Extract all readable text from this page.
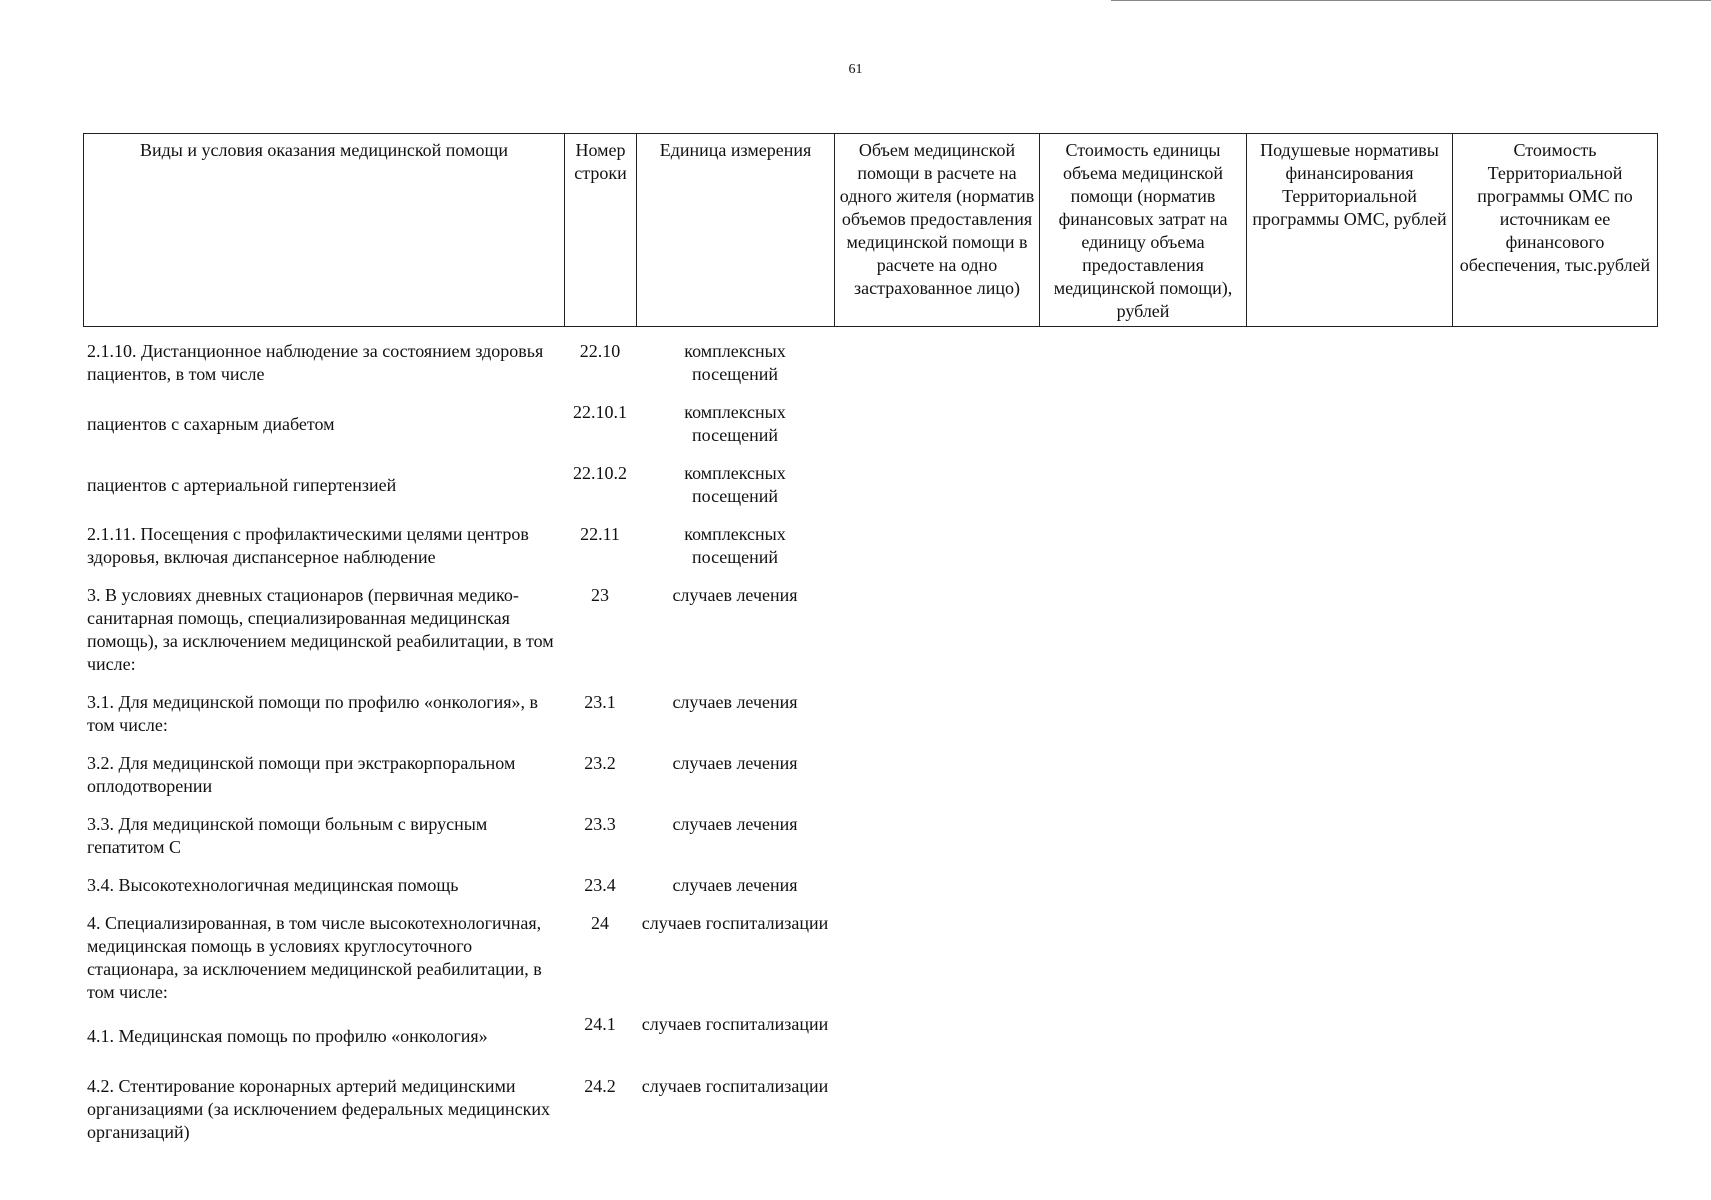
61
Виды и условия оказания медицинской помощи	Номер строки	Единица измерения	Объем медицинской помощи в расчете на одного жителя (норматив объемов предоставления медицинской помощи в расчете на одно застрахованное лицо)	Стоимость единицы объема медицинской помощи (норматив финансовых затрат на единицу объема предоставления медицинской помощи), рублей	Подушевые нормативы финансирования Территориальной программы ОМС, рублей	Стоимость Территориальной программы ОМС по источникам ее финансового обеспечения, тыс.рублей
2.1.10. Дистанционное наблюдение за состоянием здоровья пациентов, в том числе	22.10	комплексных посещений
пациентов с сахарным диабетом	22.10.1	комплексных посещений
пациентов с артериальной гипертензией	22.10.2	комплексных посещений
2.1.11. Посещения с профилактическими целями центров здоровья, включая диспансерное наблюдение	22.11	комплексных посещений
3. В условиях дневных стационаров (первичная медико-санитарная помощь, специализированная медицинская помощь), за исключением медицинской реабилитации, в том числе:	23	случаев лечения
3.1. Для медицинской помощи по профилю «онкология», в том числе:	23.1	случаев лечения
3.2. Для медицинской помощи при экстракорпоральном оплодотворении	23.2	случаев лечения
3.3. Для медицинской помощи больным с вирусным гепатитом С	23.3	случаев лечения
3.4. Высокотехнологичная медицинская помощь	23.4	случаев лечения
4. Специализированная, в том числе высокотехнологичная, медицинская помощь в условиях круглосуточного стационара, за исключением медицинской реабилитации, в том числе:	24	случаев госпитализации
4.1. Медицинская помощь по профилю «онкология»	24.1	случаев госпитализации
4.2. Стентирование коронарных артерий медицинскими организациями (за исключением федеральных медицинских организаций)	24.2	случаев госпитализации
